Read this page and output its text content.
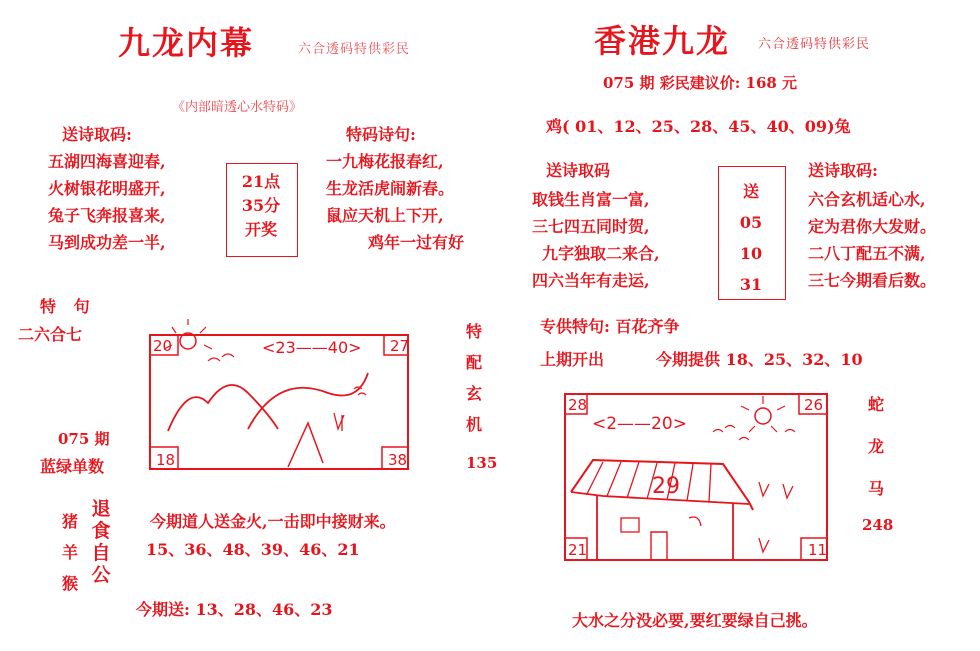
九龙内幕	六合透码特供彩民
《内部暗透心水特码》
送诗取码:
五湖四海喜迎春,
火树银花明盛开,
兔子飞奔报喜来,
马到成功差一半,
21点
35分
开奖
特码诗句:
一九梅花报春红,
生龙活虎闹新春。
鼠应天机上下开,
鸡年一过有好
特 句
二六合七
075 期
蓝绿单数
20	27
18	38
<23——40>
特
配
玄
机
135
猪
羊
猴
退
食
自
公
今期道人送金火,一击即中接财来。
15、36、48、39、46、21
今期送: 13、28、46、23
香港九龙 六合透码特供彩民
075 期 彩民建议价: 168 元
鸡( 01、12、25、28、45、40、09)兔
送诗取码
取钱生肖富一富,
三七四五同时贺,
九字独取二来合,
四六当年有走运,
送
05
10
31
送诗取码:
六合玄机适心水,
定为君你大发财。
二八丁配五不满,
三七今期看后数。
专供特句: 百花齐争
上期开出	今期提供 18、25、32、10
28	26
21	11
<2——20>
29
蛇
龙
马
248
大水之分没必要,要红要绿自己挑。
